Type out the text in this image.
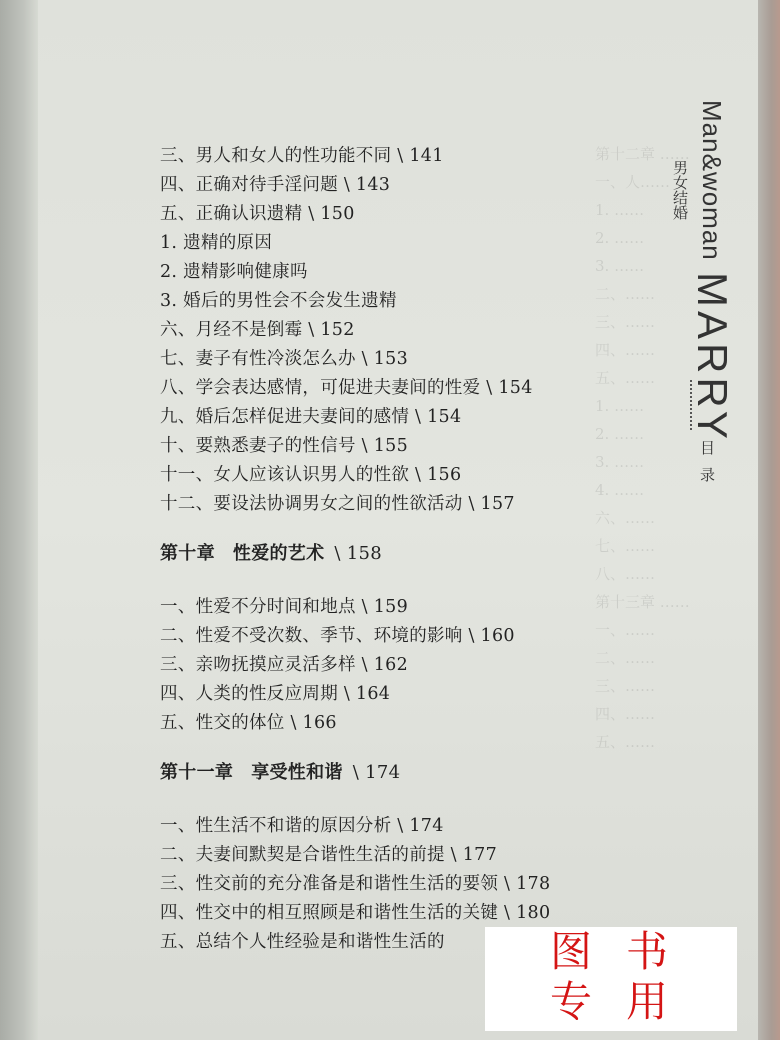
第十二章 ……
一、人……
1. ……
2. ……
3. ……
二、……
三、……
四、……
五、……
1. ……
2. ……
3. ……
4. ……
六、……
七、……
八、……
第十三章 ……
一、……
二、……
三、……
四、……
五、……
三、男人和女人的性功能不同 \ 141
四、正确对待手淫问题 \ 143
五、正确认识遗精 \ 150
1. 遗精的原因
2. 遗精影响健康吗
3. 婚后的男性会不会发生遗精
六、月经不是倒霉 \ 152
七、妻子有性冷淡怎么办 \ 153
八、学会表达感情，可促进夫妻间的性爱 \ 154
九、婚后怎样促进夫妻间的感情 \ 154
十、要熟悉妻子的性信号 \ 155
十一、女人应该认识男人的性欲 \ 156
十二、要设法协调男女之间的性欲活动 \ 157
第十章 性爱的艺术 \ 158
一、性爱不分时间和地点 \ 159
二、性爱不受次数、季节、环境的影响 \ 160
三、亲吻抚摸应灵活多样 \ 162
四、人类的性反应周期 \ 164
五、性交的体位 \ 166
第十一章 享受性和谐 \ 174
一、性生活不和谐的原因分析 \ 174
二、夫妻间默契是合谐性生活的前提 \ 177
三、性交前的充分准备是和谐性生活的要领 \ 178
四、性交中的相互照顾是和谐性生活的关键 \ 180
五、总结个人性经验是和谐性生活的
Man&woman MARRY
男女结婚
目录
图书
专用
